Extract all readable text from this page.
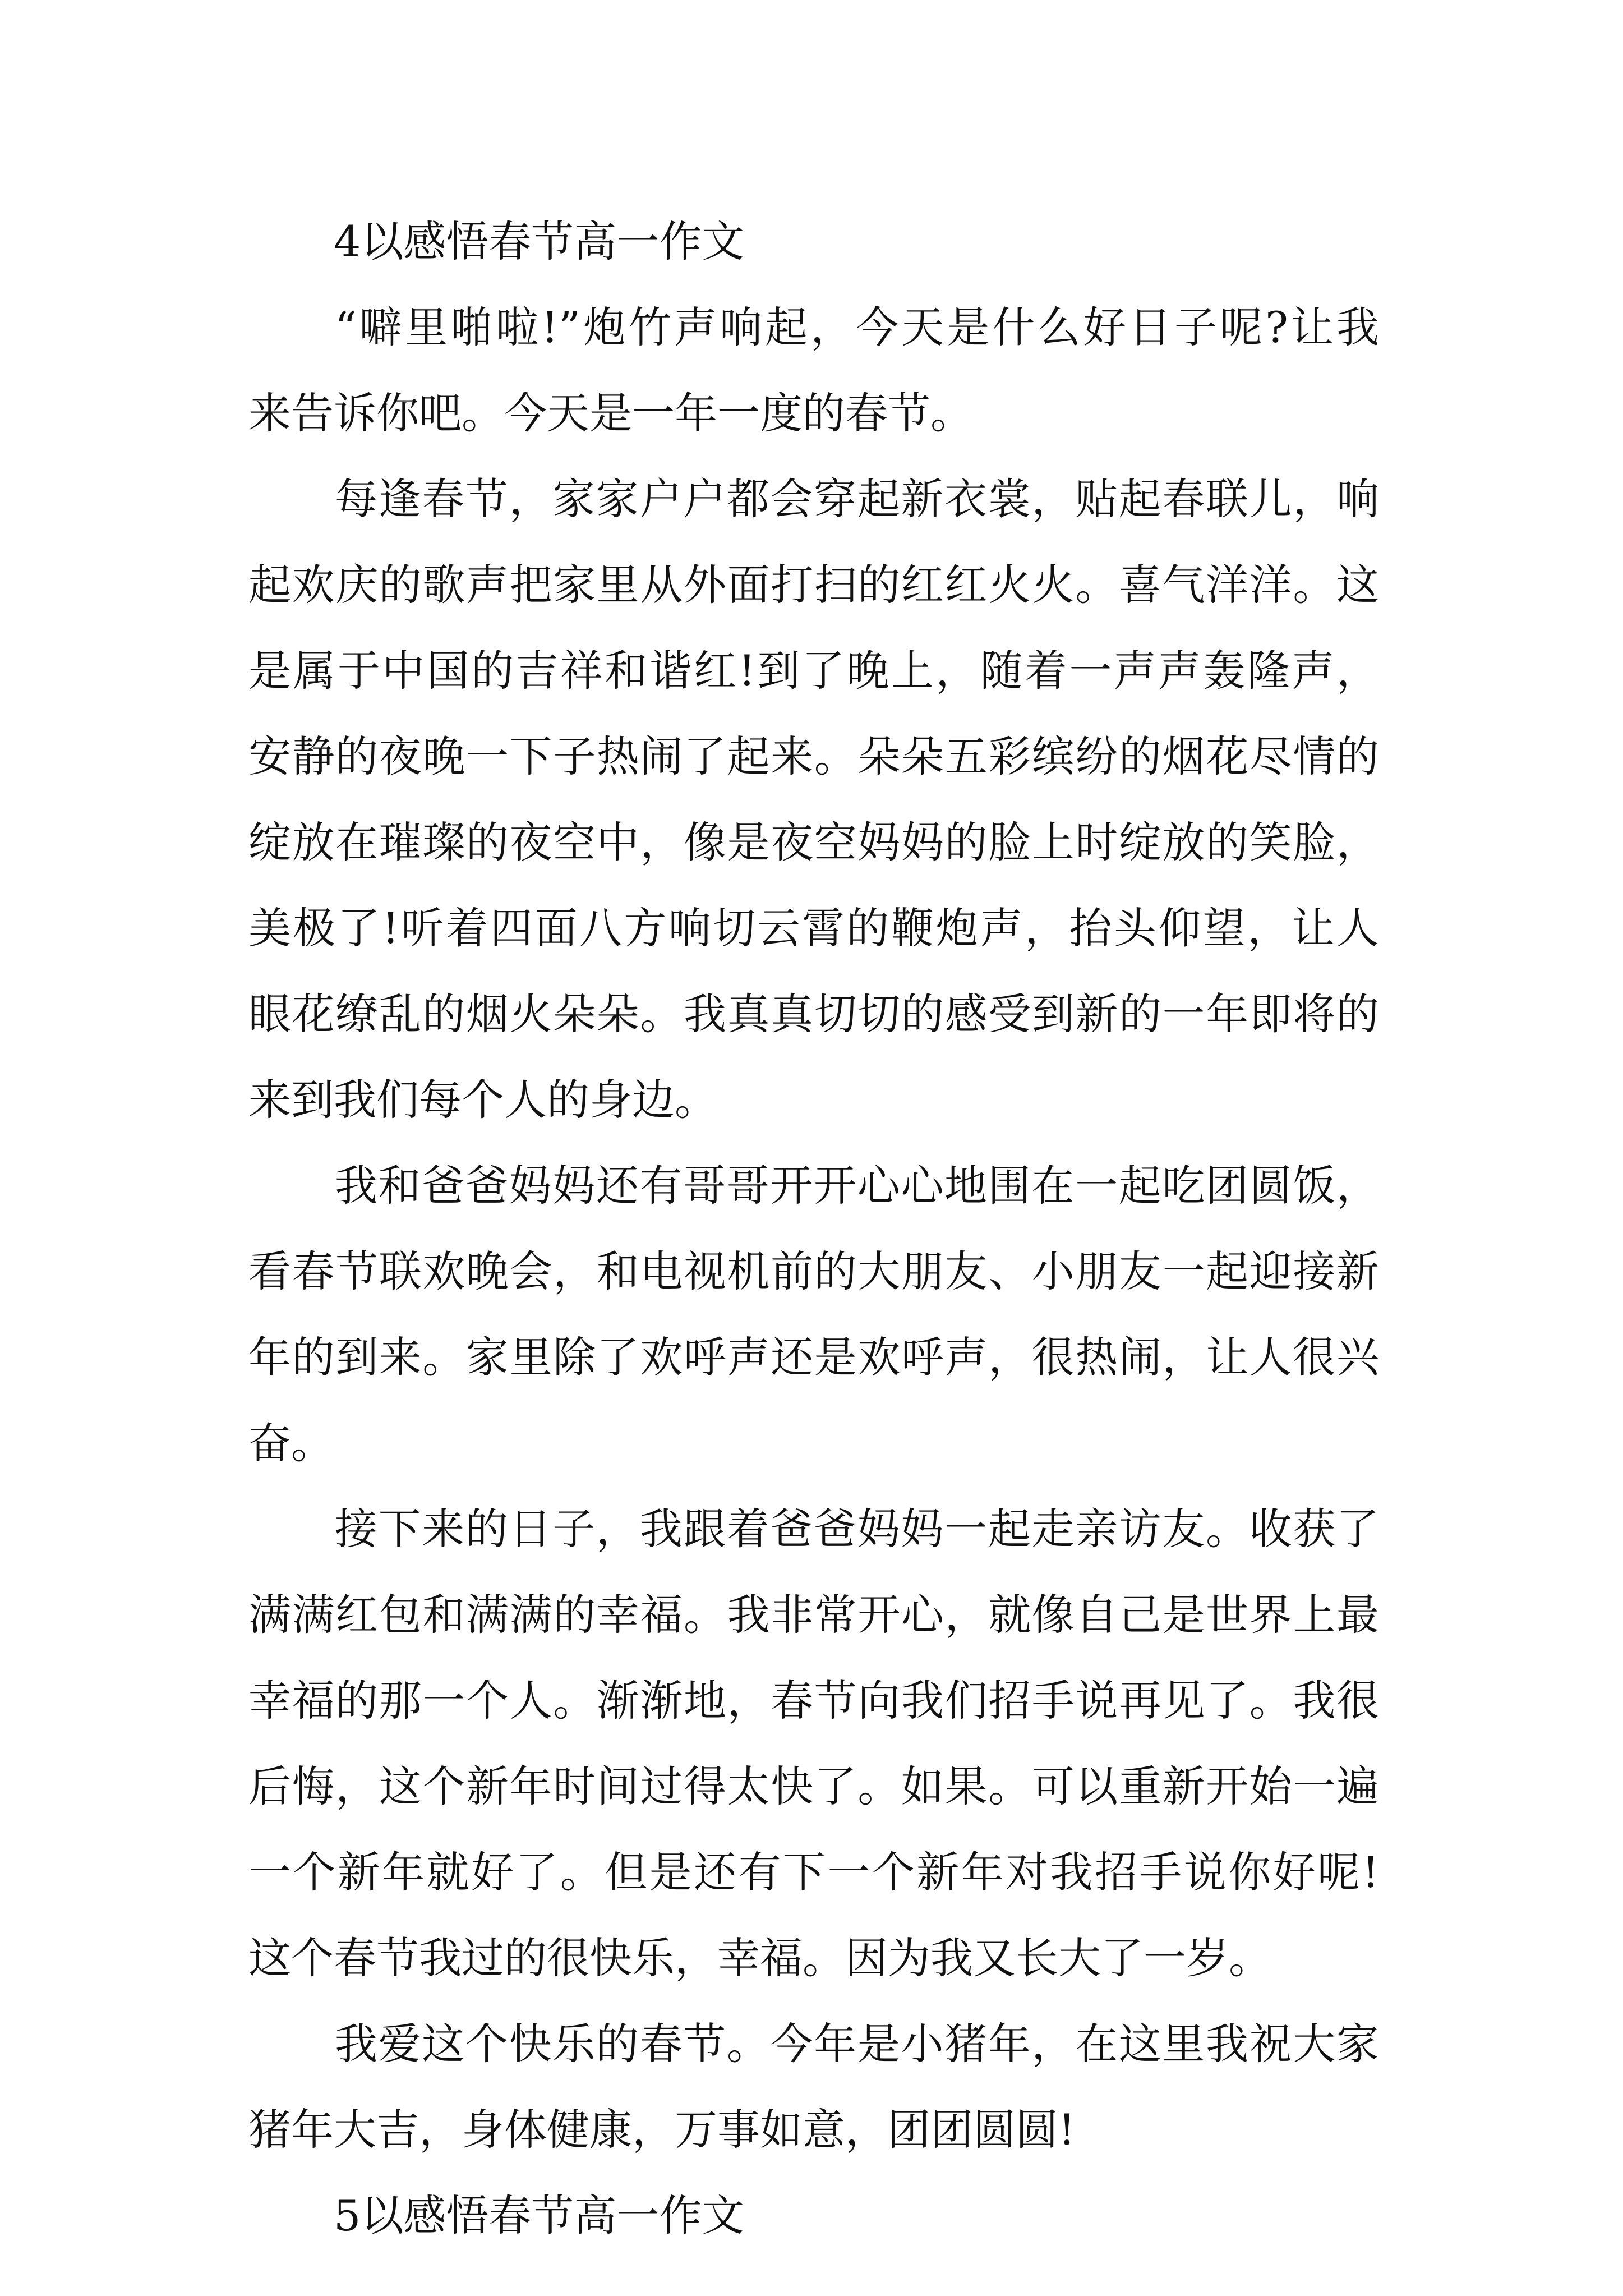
4以感悟春节高一作文
“噼里啪啦!”炮竹声响起，今天是什么好日子呢?让我
来告诉你吧。今天是一年一度的春节。
每逢春节，家家户户都会穿起新衣裳，贴起春联儿，响
起欢庆的歌声把家里从外面打扫的红红火火。喜气洋洋。这
是属于中国的吉祥和谐红!到了晚上，随着一声声轰隆声，
安静的夜晚一下子热闹了起来。朵朵五彩缤纷的烟花尽情的
绽放在璀璨的夜空中，像是夜空妈妈的脸上时绽放的笑脸，
美极了!听着四面八方响切云霄的鞭炮声，抬头仰望，让人
眼花缭乱的烟火朵朵。我真真切切的感受到新的一年即将的
来到我们每个人的身边。
我和爸爸妈妈还有哥哥开开心心地围在一起吃团圆饭，
看春节联欢晚会，和电视机前的大朋友、小朋友一起迎接新
年的到来。家里除了欢呼声还是欢呼声，很热闹，让人很兴
奋。
接下来的日子，我跟着爸爸妈妈一起走亲访友。收获了
满满红包和满满的幸福。我非常开心，就像自己是世界上最
幸福的那一个人。渐渐地，春节向我们招手说再见了。我很
后悔，这个新年时间过得太快了。如果。可以重新开始一遍
一个新年就好了。但是还有下一个新年对我招手说你好呢!
这个春节我过的很快乐，幸福。因为我又长大了一岁。
我爱这个快乐的春节。今年是小猪年，在这里我祝大家
猪年大吉，身体健康，万事如意，团团圆圆!
5以感悟春节高一作文
